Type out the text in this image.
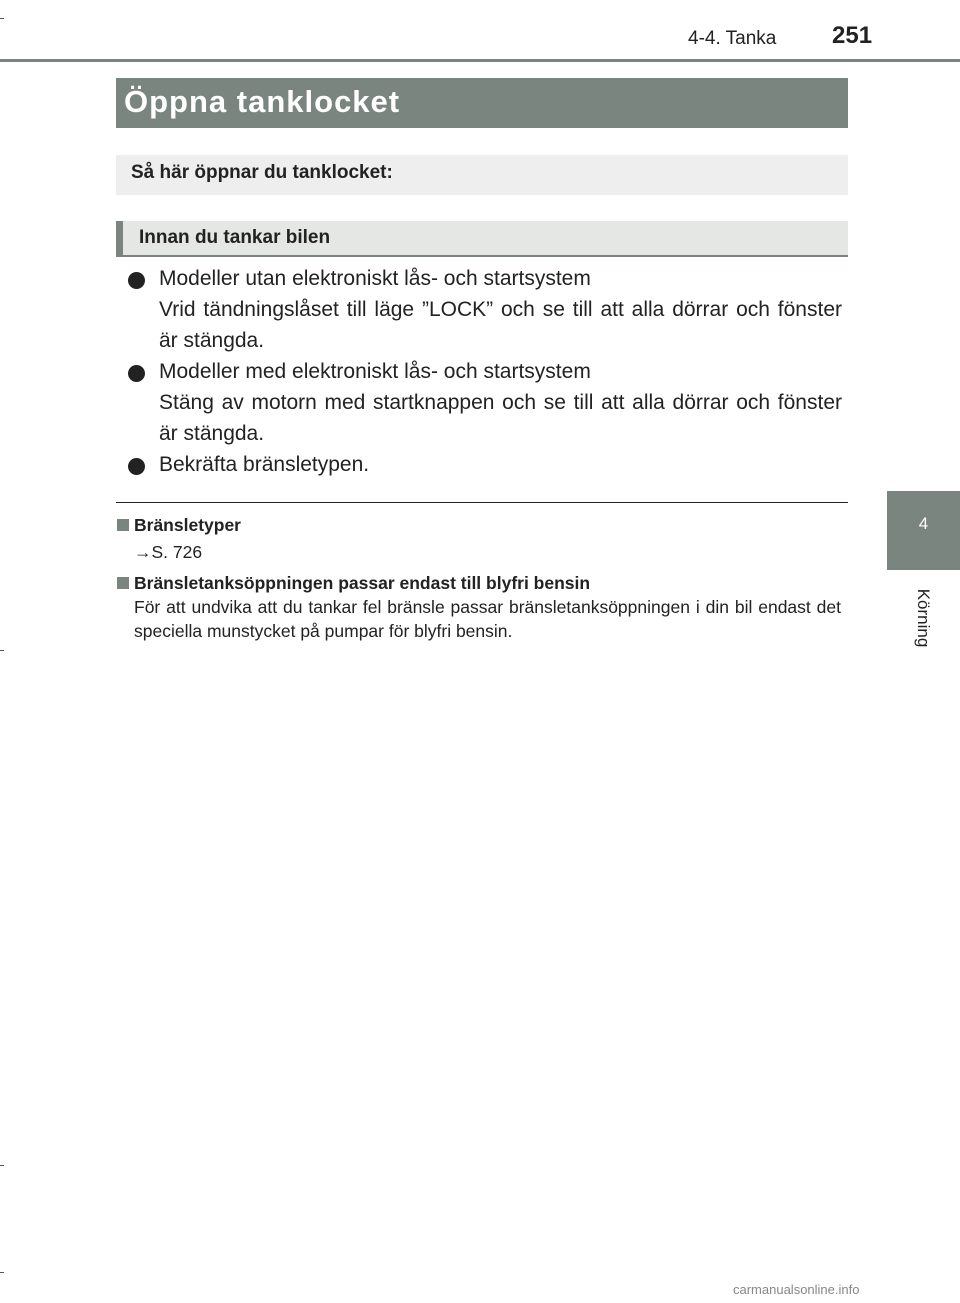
4-4. Tanka 251
Öppna tanklocket
Så här öppnar du tanklocket:
Innan du tankar bilen
Modeller utan elektroniskt lås- och startsystem
Vrid tändningslåset till läge ”LOCK” och se till att alla dörrar och fönster är stängda.
Modeller med elektroniskt lås- och startsystem
Stäng av motorn med startknappen och se till att alla dörrar och fönster är stängda.
Bekräfta bränsletypen.
Bränsletyper
→S. 726
Bränsletanksöppningen passar endast till blyfri bensin
För att undvika att du tankar fel bränsle passar bränsletanksöppningen i din bil endast det speciella munstycket på pumpar för blyfri bensin.
4
Körning
carmanualsonline.info
